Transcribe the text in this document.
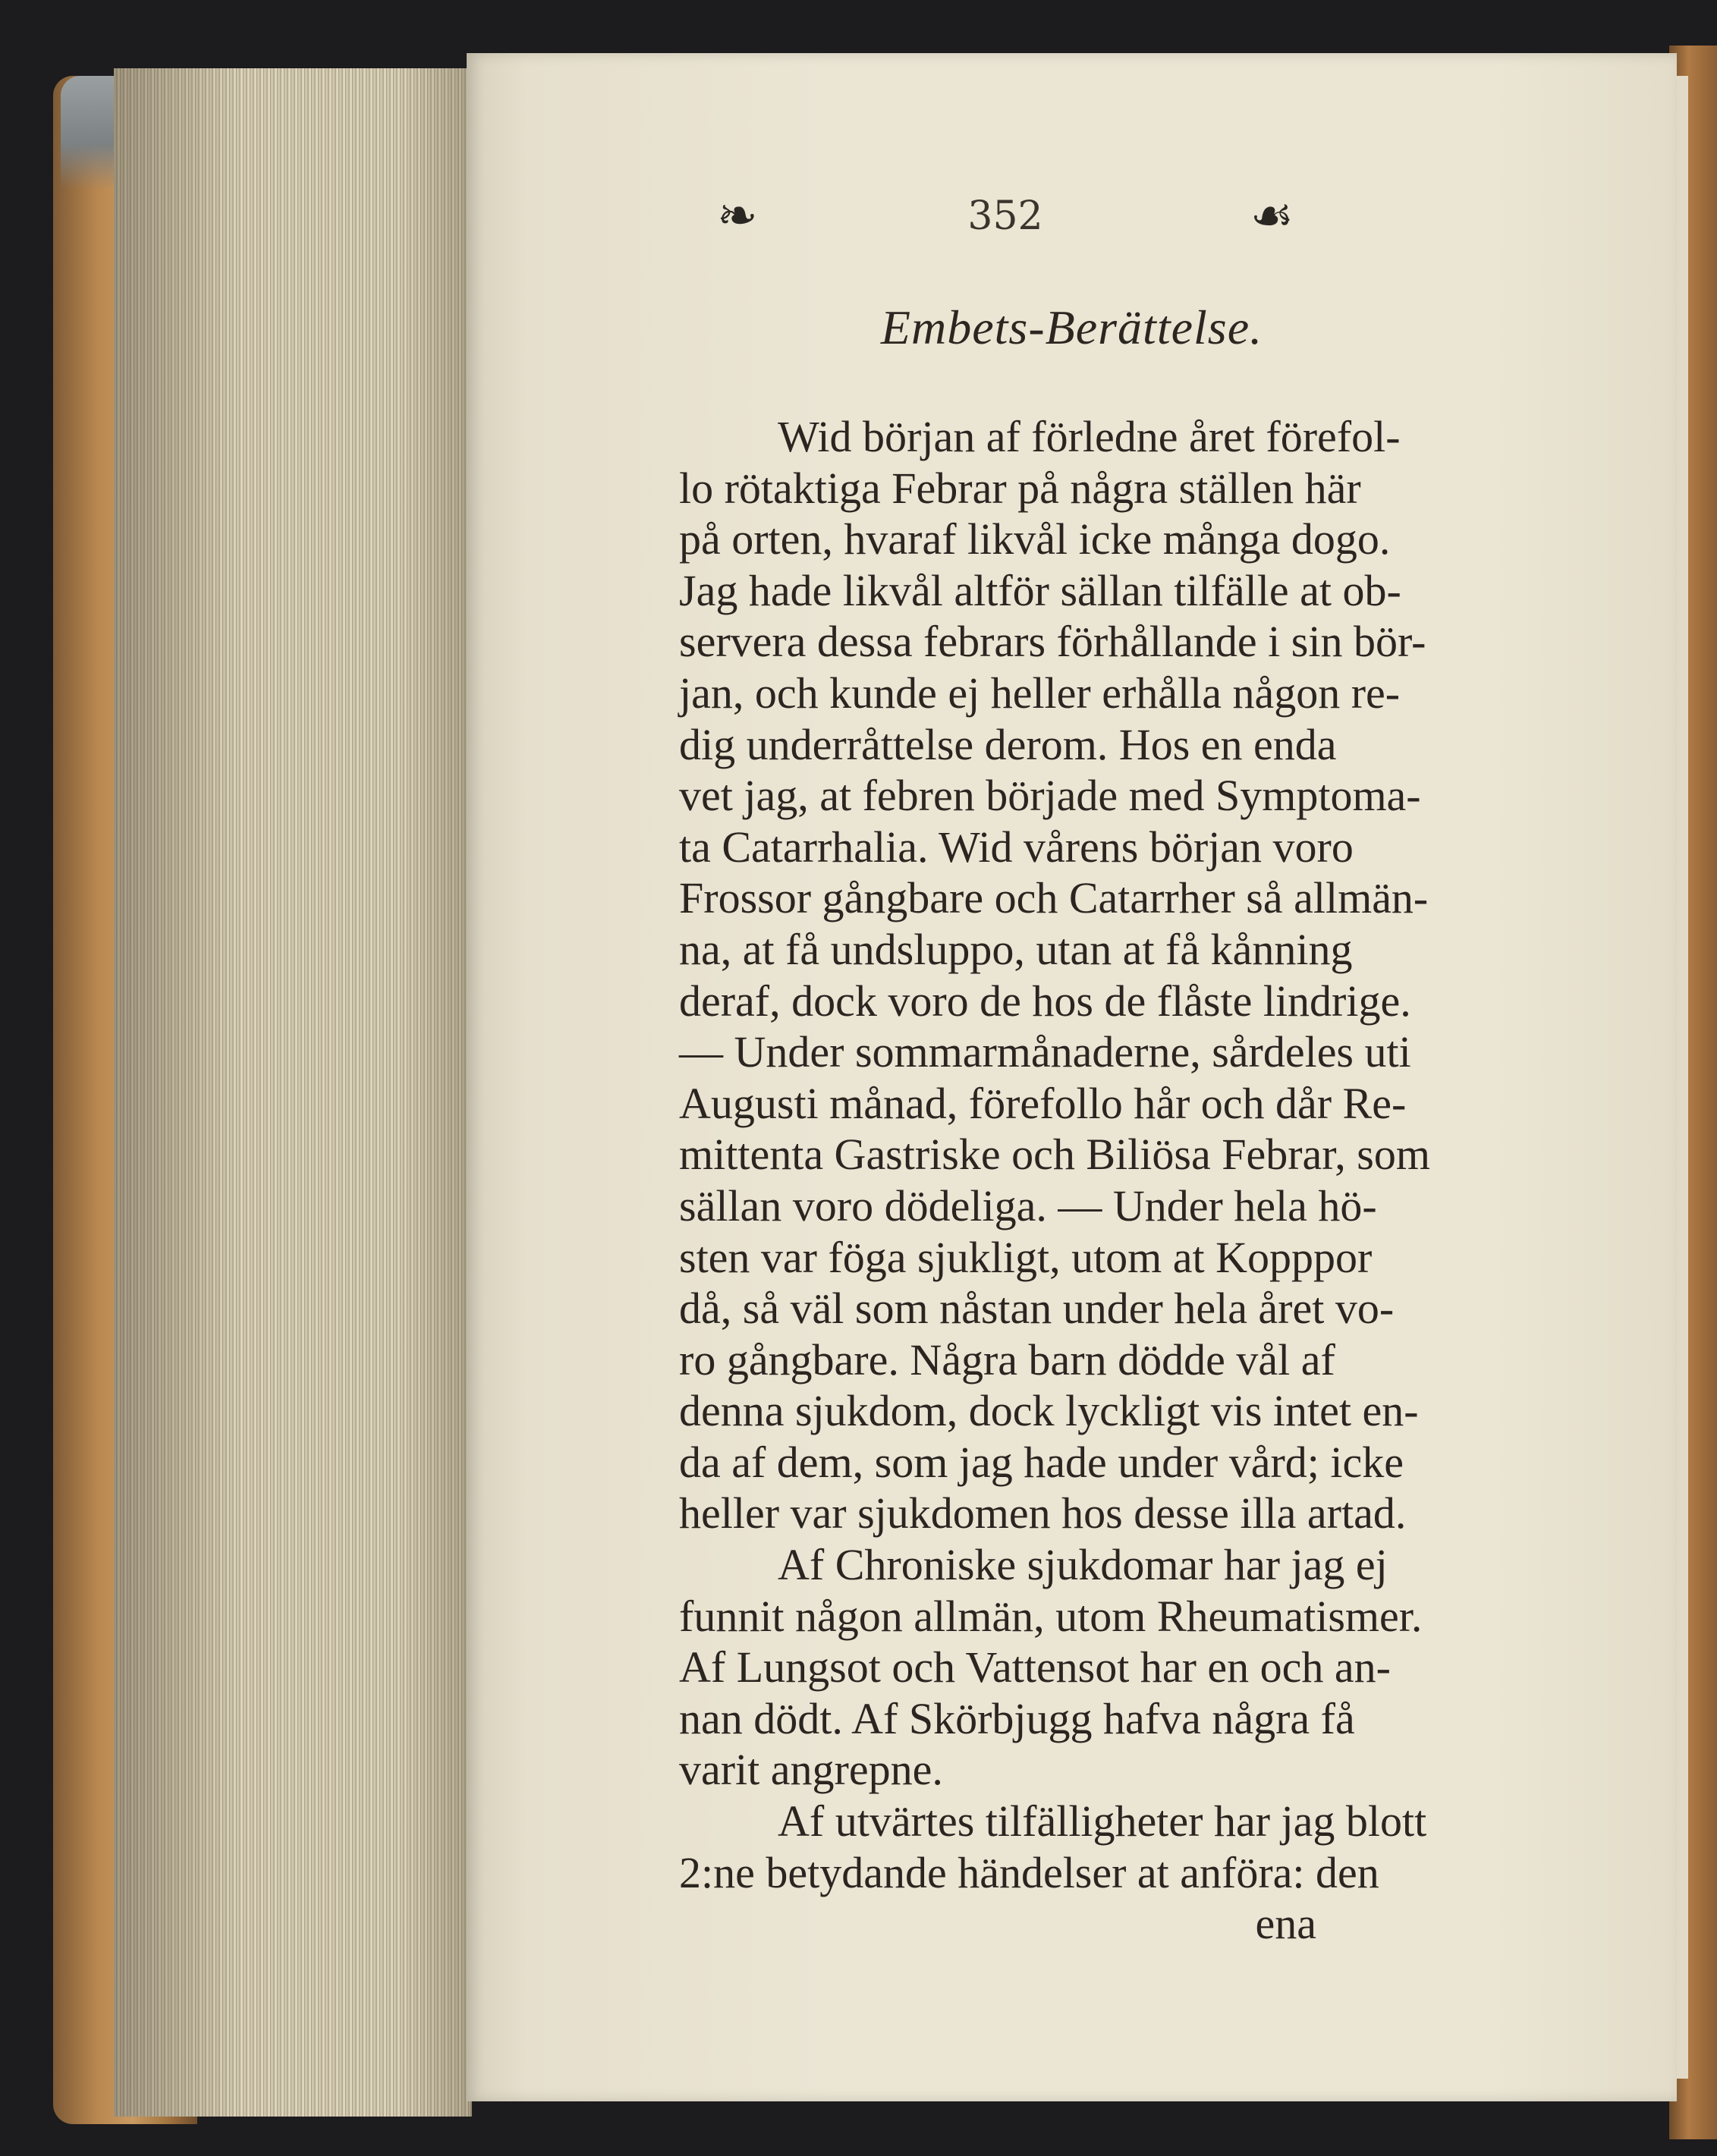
❧	352	☙
Embets-Berättelse.
Wid början af förledne året förefol-
lo rötaktiga Febrar på några ställen här
på orten, hvaraf likvål icke många dogo.
Jag hade likvål altför sällan tilfälle at ob-
servera dessa febrars förhållande i sin bör-
jan, och kunde ej heller erhålla någon re-
dig underråttelse derom. Hos en enda
vet jag, at febren började med Symptoma-
ta Catarrhalia. Wid vårens början voro
Frossor gångbare och Catarrher så allmän-
na, at få undsluppo, utan at få kånning
deraf, dock voro de hos de flåste lindrige.
— Under sommarmånaderne, sårdeles uti
Augusti månad, förefollo hår och dår Re-
mittenta Gastriske och Biliösa Febrar, som
sällan voro dödeliga. — Under hela hö-
sten var föga sjukligt, utom at Kopppor
då, så väl som nåstan under hela året vo-
ro gångbare. Några barn dödde vål af
denna sjukdom, dock lyckligt vis intet en-
da af dem, som jag hade under vård; icke
heller var sjukdomen hos desse illa artad.
Af Chroniske sjukdomar har jag ej
funnit någon allmän, utom Rheumatismer.
Af Lungsot och Vattensot har en och an-
nan dödt. Af Skörbjugg hafva några få
varit angrepne.
Af utvärtes tilfälligheter har jag blott
2:ne betydande händelser at anföra: den
ena
